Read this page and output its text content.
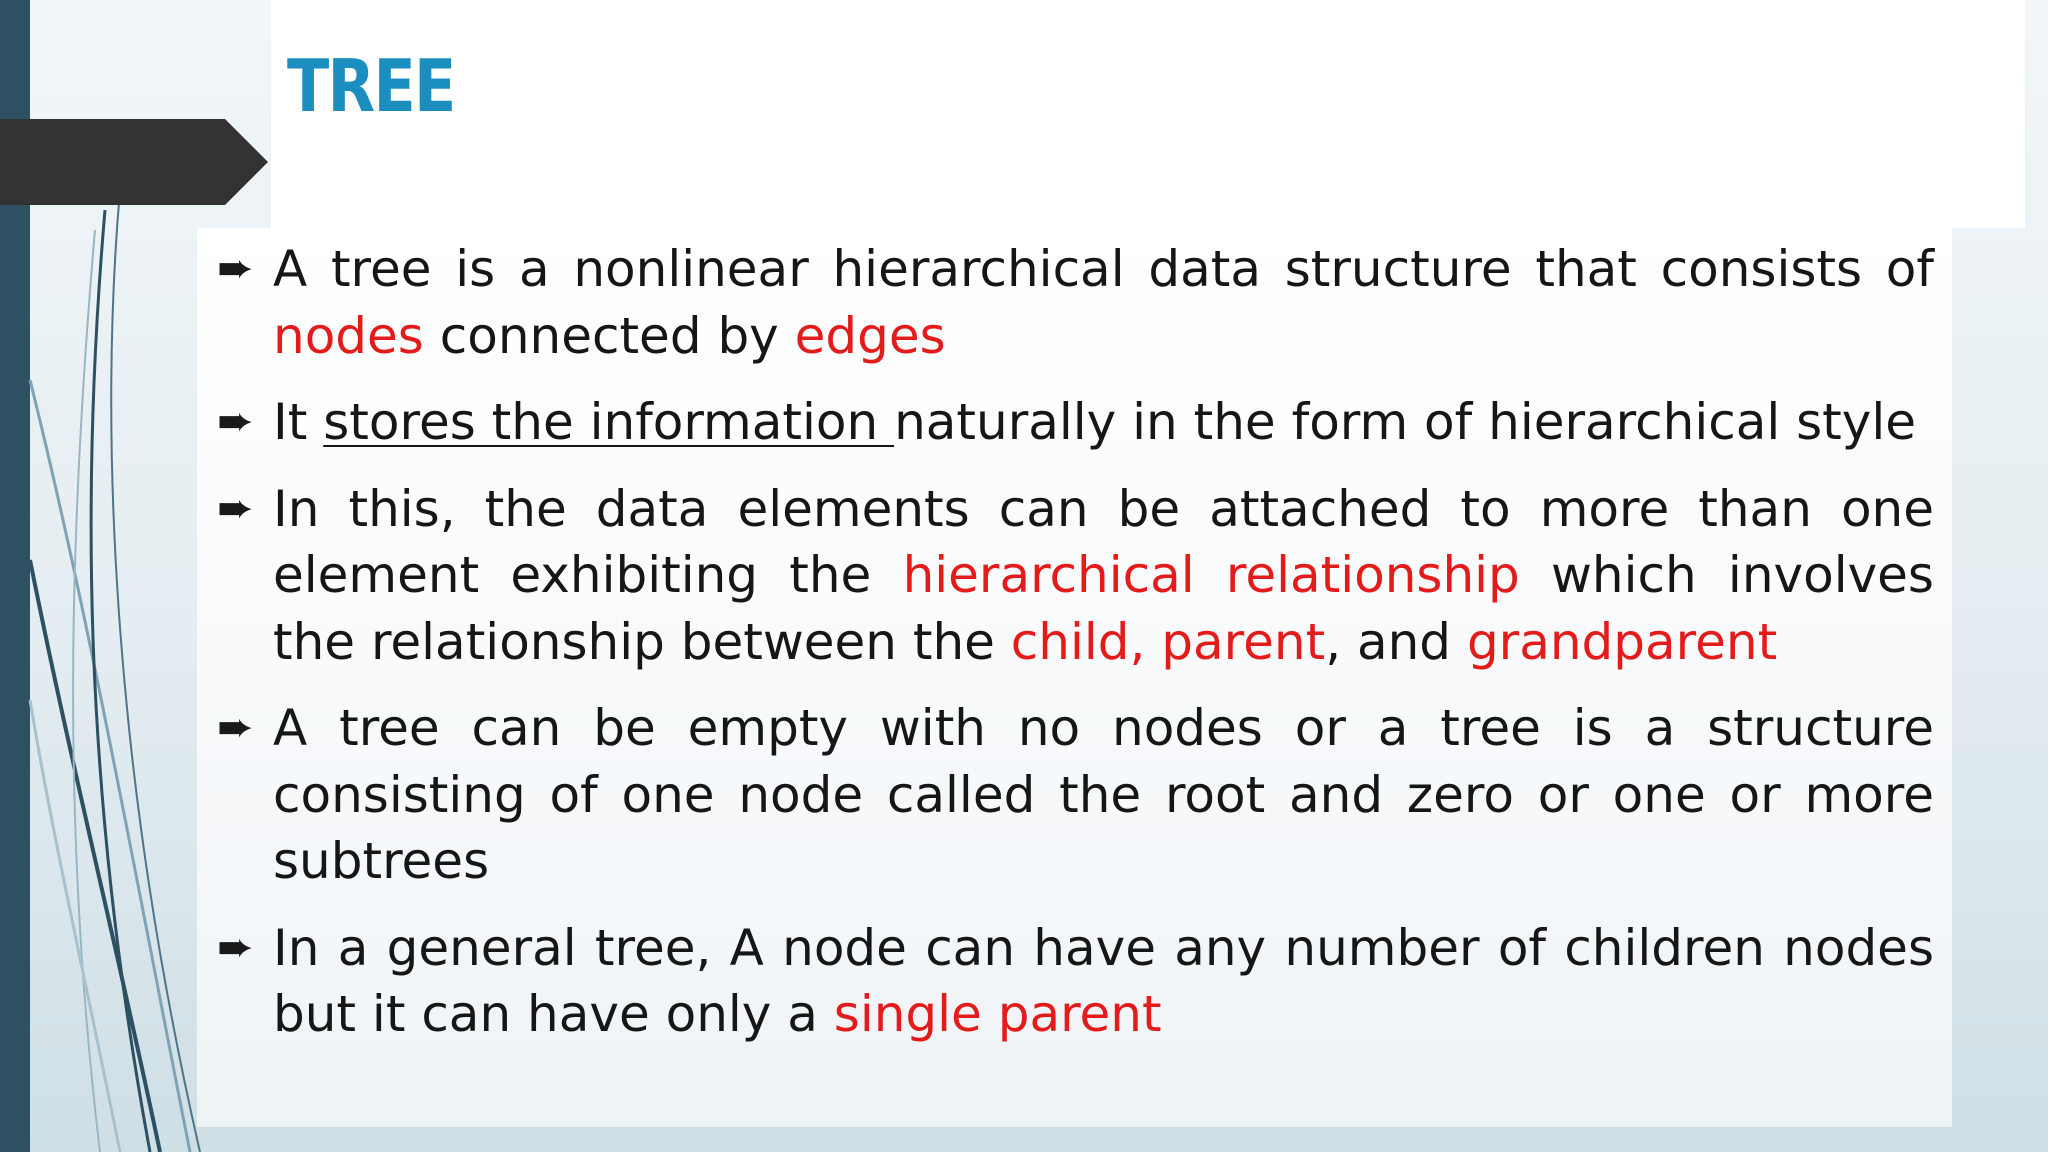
TREE
➨ A tree is a nonlinear hierarchical data structure that consists of nodes connected by edges
➨ It stores the information naturally in the form of hierarchical style
➨ In this, the data elements can be attached to more than one element exhibiting the hierarchical relationship which involves the relationship between the child, parent, and grandparent
➨ A tree can be empty with no nodes or a tree is a structure consisting of one node called the root and zero or one or more subtrees
➨ In a general tree, A node can have any number of children nodes but it can have only a single parent
